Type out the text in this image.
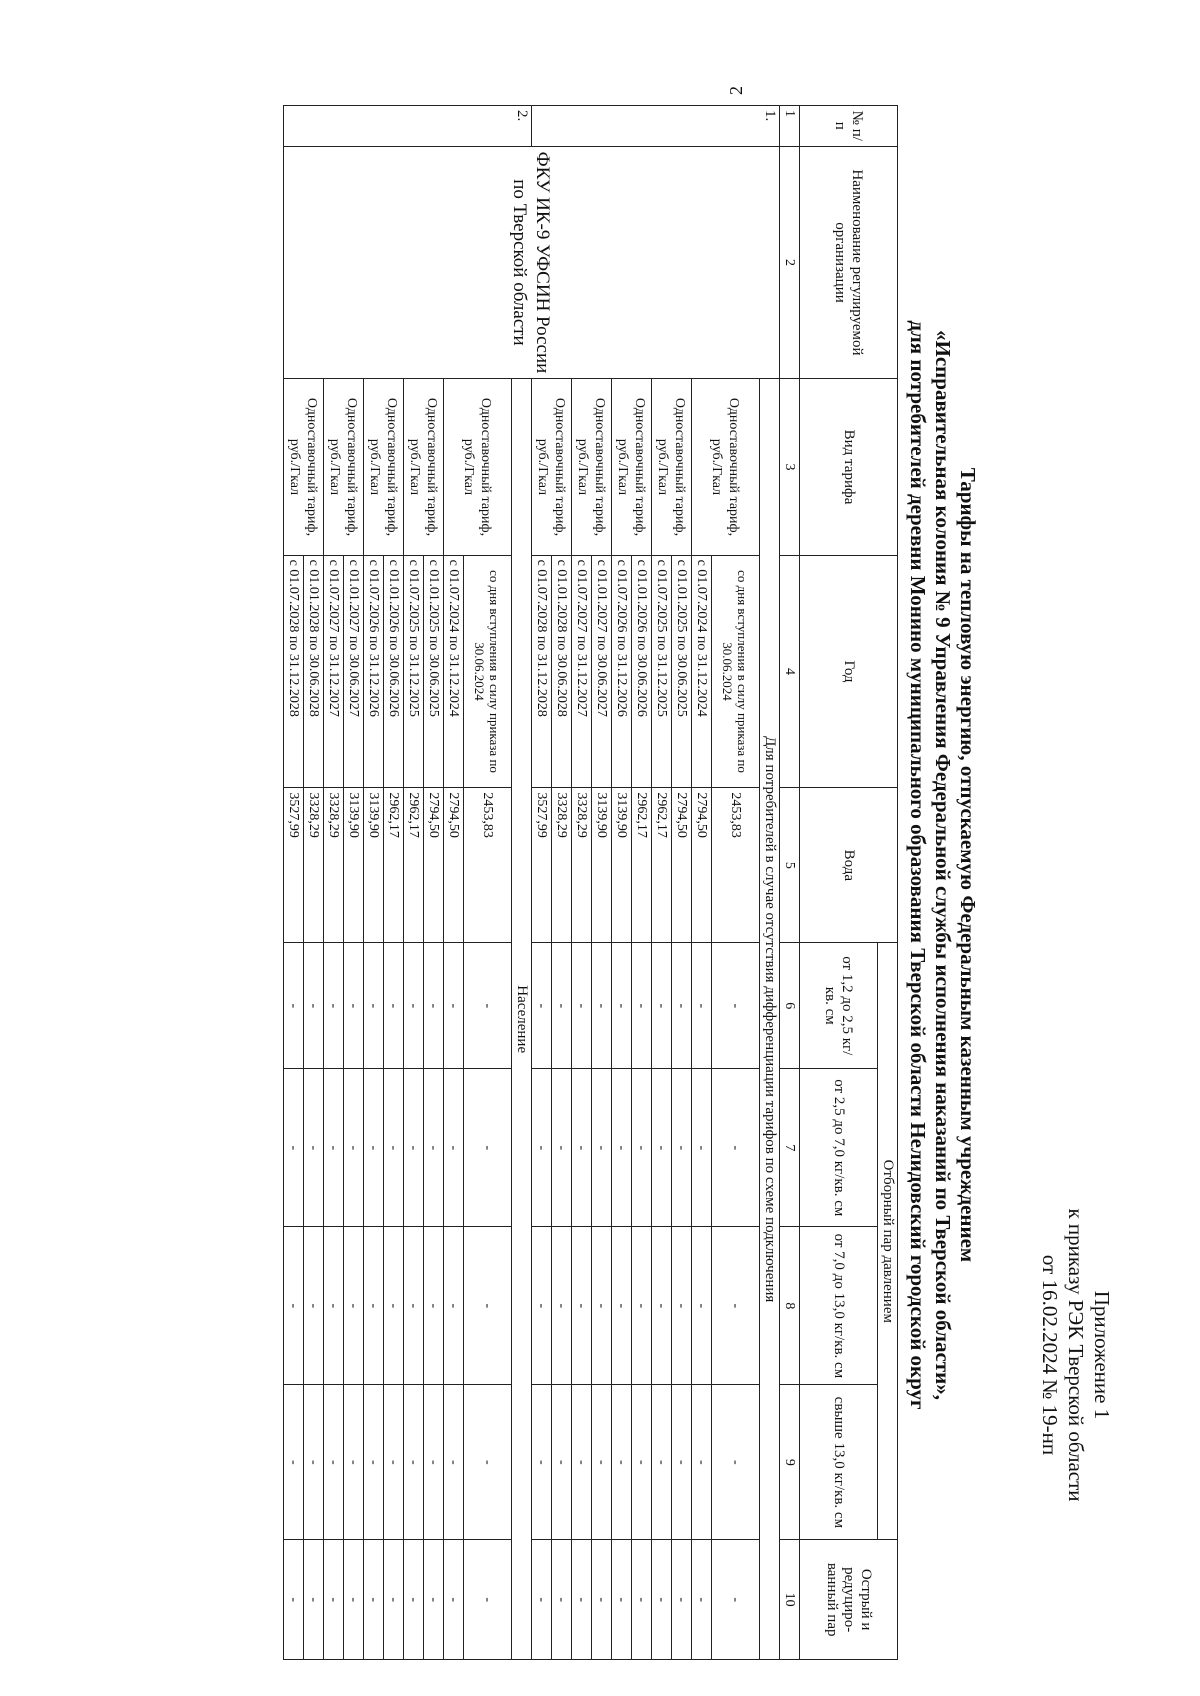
2
Приложение 1
к приказу РЭК Тверской области
от 16.02.2024 № 19-нп
Тарифы на тепловую энергию, отпускаемую Федеральным казенным учреждением
«Исправительная колония № 9 Управления Федеральной службы исполнения наказаний по Тверской области»,
для потребителей деревни Монино муниципального образования Тверской области Нелидовский городской округ
№ п/ п	Наименование регулируемой организации	Вид тарифа	Год	Вода	Отборный пар давлением				Острый и редуциро-ванный пар
					от 1,2 до 2,5 кг/кв. см	от 2,5 до 7,0 кг/кв. см	от 7,0 до 13,0 кг/кв. см	свыше 13,0 кг/кв. см	
1	2	3	4	5	6	7	8	9	10
1.	ФКУ ИК-9 УФСИН России по Тверской области	Для потребителей в случае отсутствия дифференциации тарифов по схеме подключения							
		Одноставочный тариф, руб./Гкал	со дня вступления в силу приказа по 30.06.2024	2453,83	-	-	-	-	-
			с 01.07.2024 по 31.12.2024	2794,50	-	-	-	-	-
		Одноставочный тариф, руб./Гкал	с 01.01.2025 по 30.06.2025	2794,50	-	-	-	-	-
			с 01.07.2025 по 31.12.2025	2962,17	-	-	-	-	-
		Одноставочный тариф, руб./Гкал	с 01.01.2026 по 30.06.2026	2962,17	-	-	-	-	-
			с 01.07.2026 по 31.12.2026	3139,90	-	-	-	-	-
		Одноставочный тариф, руб./Гкал	с 01.01.2027 по 30.06.2027	3139,90	-	-	-	-	-
			с 01.07.2027 по 31.12.2027	3328,29	-	-	-	-	-
		Одноставочный тариф, руб./Гкал	с 01.01.2028 по 30.06.2028	3328,29	-	-	-	-	-
			с 01.07.2028 по 31.12.2028	3527,99	-	-	-	-	-
2.		Население							
		Одноставочный тариф, руб./Гкал	со дня вступления в силу приказа по 30.06.2024	2453,83	-	-	-	-	-
			с 01.07.2024 по 31.12.2024	2794,50	-	-	-	-	-
		Одноставочный тариф, руб./Гкал	с 01.01.2025 по 30.06.2025	2794,50	-	-	-	-	-
			с 01.07.2025 по 31.12.2025	2962,17	-	-	-	-	-
		Одноставочный тариф, руб./Гкал	с 01.01.2026 по 30.06.2026	2962,17	-	-	-	-	-
			с 01.07.2026 по 31.12.2026	3139,90	-	-	-	-	-
		Одноставочный тариф, руб./Гкал	с 01.01.2027 по 30.06.2027	3139,90	-	-	-	-	-
			с 01.07.2027 по 31.12.2027	3328,29	-	-	-	-	-
		Одноставочный тариф, руб./Гкал	с 01.01.2028 по 30.06.2028	3328,29	-	-	-	-	-
			с 01.07.2028 по 31.12.2028	3527,99	-	-	-	-	-
